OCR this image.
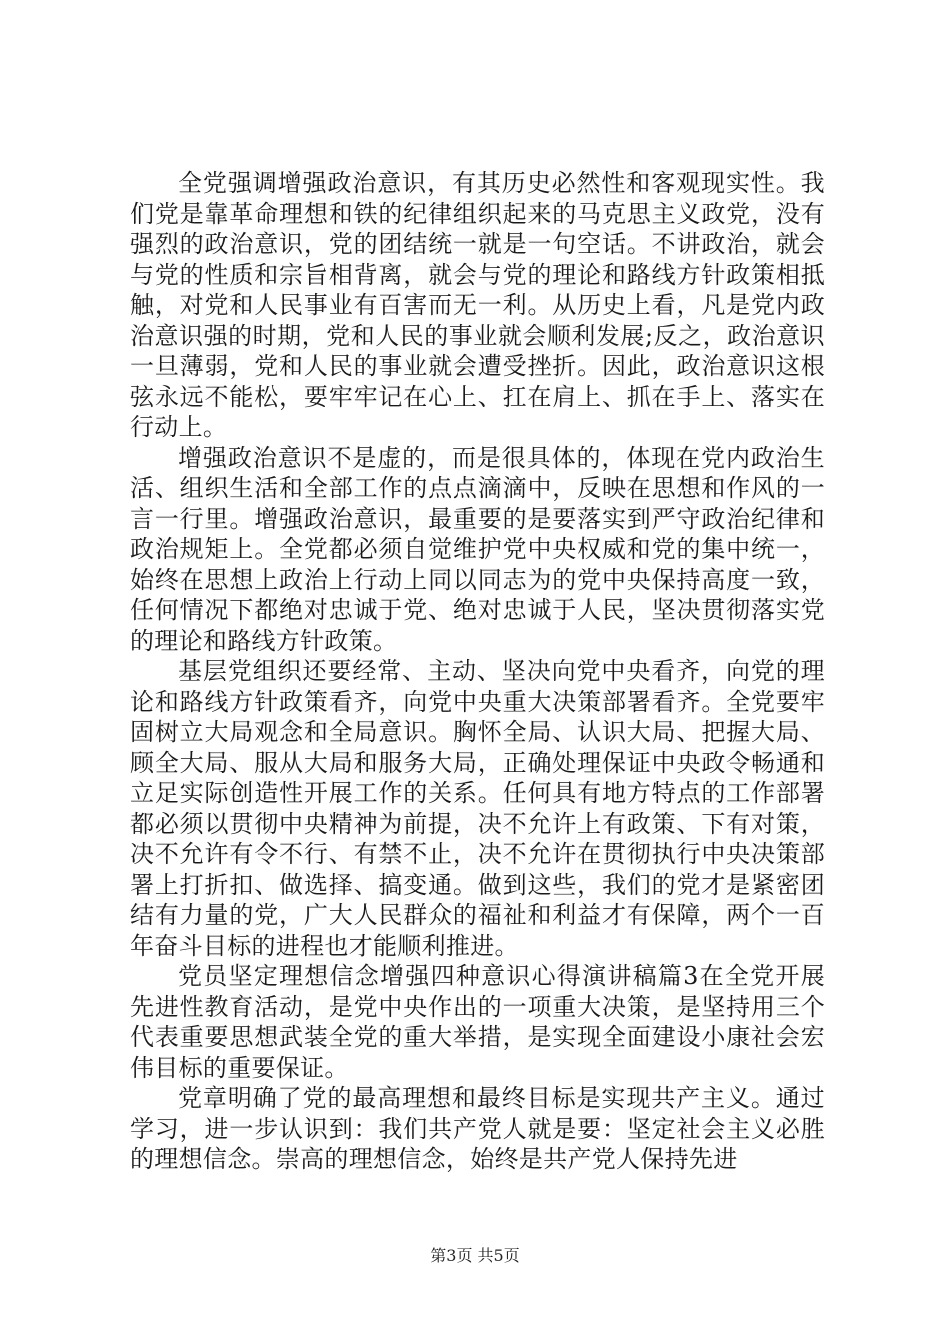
全党强调增强政治意识，有其历史必然性和客观现实性。我们党是靠革命理想和铁的纪律组织起来的马克思主义政党，没有强烈的政治意识，党的团结统一就是一句空话。不讲政治，就会与党的性质和宗旨相背离，就会与党的理论和路线方针政策相抵触，对党和人民事业有百害而无一利。从历史上看，凡是党内政治意识强的时期，党和人民的事业就会顺利发展;反之，政治意识一旦薄弱，党和人民的事业就会遭受挫折。因此，政治意识这根弦永远不能松，要牢牢记在心上、扛在肩上、抓在手上、落实在行动上。

增强政治意识不是虚的，而是很具体的，体现在党内政治生活、组织生活和全部工作的点点滴滴中，反映在思想和作风的一言一行里。增强政治意识，最重要的是要落实到严守政治纪律和政治规矩上。全党都必须自觉维护党中央权威和党的集中统一，始终在思想上政治上行动上同以同志为的党中央保持高度一致，任何情况下都绝对忠诚于党、绝对忠诚于人民，坚决贯彻落实党的理论和路线方针政策。

基层党组织还要经常、主动、坚决向党中央看齐，向党的理论和路线方针政策看齐，向党中央重大决策部署看齐。全党要牢固树立大局观念和全局意识。胸怀全局、认识大局、把握大局、顾全大局、服从大局和服务大局，正确处理保证中央政令畅通和立足实际创造性开展工作的关系。任何具有地方特点的工作部署都必须以贯彻中央精神为前提，决不允许上有政策、下有对策，决不允许有令不行、有禁不止，决不允许在贯彻执行中央决策部署上打折扣、做选择、搞变通。做到这些，我们的党才是紧密团结有力量的党，广大人民群众的福祉和利益才有保障，两个一百年奋斗目标的进程也才能顺利推进。

党员坚定理想信念增强四种意识心得演讲稿篇3在全党开展先进性教育活动，是党中央作出的一项重大决策，是坚持用三个代表重要思想武装全党的重大举措，是实现全面建设小康社会宏伟目标的重要保证。

党章明确了党的最高理想和最终目标是实现共产主义。通过学习，进一步认识到：我们共产党人就是要：坚定社会主义必胜的理想信念。崇高的理想信念，始终是共产党人保持先进

第3页 共5页
